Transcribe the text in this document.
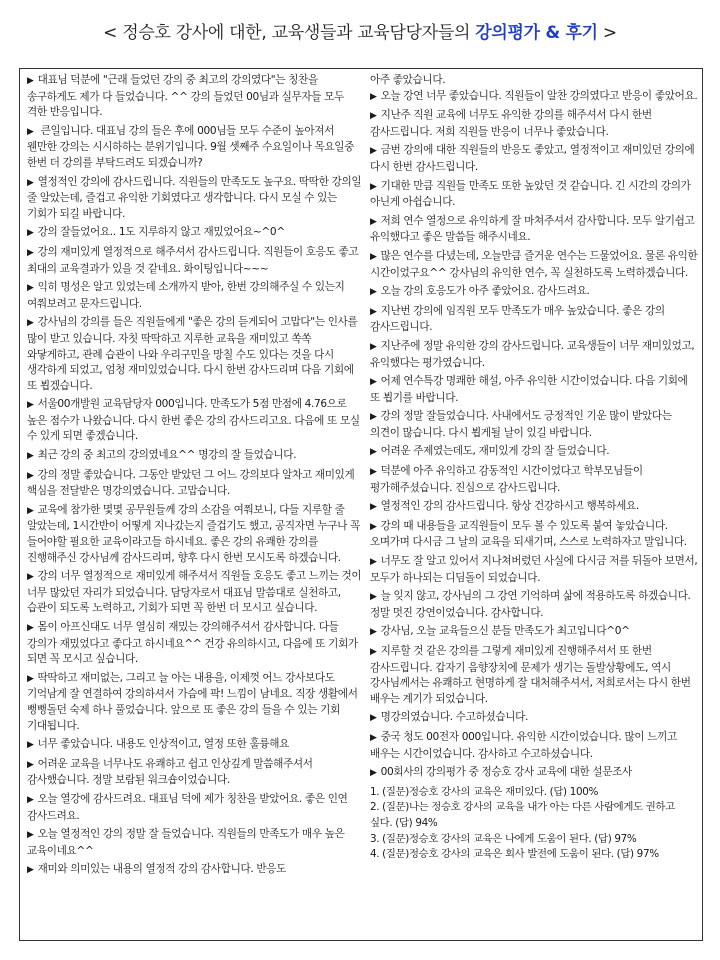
< 정승호 강사에 대한, 교육생들과 교육담당자들의 강의평가 & 후기 >

▶ 대표님 덕분에 "근래 들었던 강의 중 최고의 강의였다"는 칭찬을 송구하게도 제가 다 들었습니다. ^^ 강의 들었던 00님과 실무자들 모두 격한 반응입니다.

▶ 큰일입니다. 대표님 강의 들은 후에 000님들 모두 수준이 높아져서 웬만한 강의는 시시하하는 분위기입니다. 9월 셋째주 수요일이나 목요일중 한번 더 강의를 부탁드려도 되겠습니까?

▶ 열정적인 강의에 감사드립니다. 직원들의 만족도도 높구요. 딱딱한 강의일 줄 알았는데, 즐겁고 유익한 기회였다고 생각합니다. 다시 모실 수 있는 기회가 되길 바랍니다.

▶ 강의 잘들었어요.. 1도 지루하지 않고 재밌었어요~^0^

▶ 강의 재미있게 열정적으로 해주셔서 감사드립니다. 직원들이 호응도 좋고 최대의 교육결과가 있을 것 같네요. 화이팅입니다~~~

▶ 익히 명성은 알고 있었는데 소개까지 받아, 한번 강의해주실 수 있는지 여쭤보려고 문자드립니다.

▶ 강사님의 강의를 들은 직원들에게 "좋은 강의 듣게되어 고맙다"는 인사를 많이 받고 있습니다. 자칫 딱딱하고 지루한 교육을 재미있고 쏙쏙 와닿게하고, 관례 습관이 나와 우리구민을 망칠 수도 있다는 것을 다시 생각하게 되었고, 엄청 재미있었습니다. 다시 한번 감사드리며 다음 기회에 또 뵙겠습니다.

▶ 서울00개발원 교육담당자 000입니다. 만족도가 5점 만점에 4.76으로 높은 점수가 나왔습니다. 다시 한번 좋은 강의 감사드리고요. 다음에 또 모실 수 있게 되면 좋겠습니다.

▶ 최근 강의 중 최고의 강의였네요^^ 명강의 잘 들었습니다.

▶ 강의 정말 좋았습니다. 그동안 받았던 그 어느 강의보다 알차고 재미있게 핵심을 전달받은 명강의였습니다. 고맙습니다.

▶ 교육에 참가한 몇몇 공무원들께 강의 소감을 여쭤보니, 다들 지루할 줄 알았는데, 1시간반이 어떻게 지나갔는지 즐겁기도 했고, 공직자면 누구나 꼭 들어야할 필요한 교육이라고들 하시네요. 좋은 강의 유쾌한 강의를 진행해주신 강사님께 감사드리며, 향후 다시 한번 모시도록 하겠습니다.

▶ 강의 너무 열정적으로 재미있게 해주셔서 직원들 호응도 좋고 느끼는 것이 너무 많았던 자리가 되었습니다. 담당자로서 대표님 말씀대로 실천하고, 습관이 되도록 노력하고, 기회가 되면 꼭 한번 더 모시고 싶습니다.

▶ 몸이 아프신대도 너무 열심히 재밌는 강의해주셔서 감사합니다. 다들 강의가 재밌었다고 좋다고 하시네요^^ 건강 유의하시고, 다음에 또 기회가 되면 꼭 모시고 싶습니다.

▶ 딱딱하고 재미없는, 그리고 늘 아는 내용을, 이제껏 어느 강사보다도 기억남게 잘 연결하여 강의하셔서 가슴에 팍! 느낌이 남네요. 직장 생활에서 뻥뻥돌던 숙제 하나 풀었습니다. 앞으로 또 좋은 강의 들을 수 있는 기회 기대됩니다.

▶ 너무 좋았습니다. 내용도 인상적이고, 열정 또한 훌륭해요

▶ 어려운 교육을 너무나도 유쾌하고 쉽고 인상깊게 말씀해주셔서 감사했습니다. 정말 보람된 워크숍이었습니다.

▶ 오늘 열강에 감사드려요. 대표님 덕에 제가 칭찬을 받았어요. 좋은 인연 감사드려요.

▶ 오늘 열정적인 강의 정말 잘 들었습니다. 직원들의 만족도가 매우 높은 교육이네요^^

▶ 재미와 의미있는 내용의 열정적 강의 감사합니다. 반응도

아주 좋았습니다.

▶ 오늘 강연 너무 좋았습니다. 직원들이 알찬 강의였다고 반응이 좋았어요.

▶ 지난주 직원 교육에 너무도 유익한 강의를 해주셔서 다시 한번 감사드립니다. 저희 직원들 반응이 너무나 좋았습니다.

▶ 금번 강의에 대한 직원들의 반응도 좋았고, 열정적이고 재미있던 강의에 다시 한번 감사드립니다.

▶ 기대한 만큼 직원들 만족도 또한 높았던 것 같습니다. 긴 시간의 강의가 아닌게 아쉽습니다.

▶ 저희 연수 열정으로 유익하게 잘 마쳐주셔서 감사합니다. 모두 알기쉽고 유익했다고 좋은 말씀들 해주시네요.

▶ 많은 연수를 다녔는데, 오늘만큼 즐거운 연수는 드물었어요. 물론 유익한 시간이었구요^^ 강사님의 유익한 연수, 꼭 실천하도록 노력하겠습니다.

▶ 오늘 강의 호응도가 아주 좋았어요. 감사드려요.

▶ 지난번 강의에 임직원 모두 만족도가 매우 높았습니다. 좋은 강의 감사드립니다.

▶ 지난주에 정말 유익한 강의 감사드립니다. 교육생들이 너무 재미있었고, 유익했다는 평가였습니다.

▶ 어제 연수특강 명쾌한 해설, 아주 유익한 시간이었습니다. 다음 기회에 또 뵙기를 바랍니다.

▶ 강의 정말 잘들었습니다. 사내에서도 긍정적인 기운 많이 받았다는 의견이 많습니다. 다시 뵙게될 날이 있길 바랍니다.

▶ 어려운 주제였는데도, 재미있게 강의 잘 들었습니다.

▶ 덕분에 아주 유익하고 감동적인 시간이었다고 학부모님들이 평가해주셨습니다. 진심으로 감사드립니다.

▶ 열정적인 강의 감사드립니다. 항상 건강하시고 행복하세요.

▶ 강의 때 내용들을 교직원들이 모두 볼 수 있도록 붙여 놓았습니다. 오며가며 다시금 그 날의 교육을 되새기며, 스스로 노력하자고 말입니다.

▶ 너무도 잘 알고 있어서 지나쳐버렸던 사실에 다시금 저를 뒤돌아 보면서, 모두가 하나되는 디딤돌이 되었습니다.

▶ 늘 잊지 않고, 강사님의 그 강연 기억하며 삶에 적용하도록 하겠습니다. 정말 멋진 강연이었습니다. 감사합니다.

▶ 강사님, 오늘 교육들으신 분들 만족도가 최고입니다^0^

▶ 지루할 것 같은 강의를 그렇게 재미있게 진행해주셔서 또 한번 감사드립니다. 갑자기 음향장치에 문제가 생기는 돌발상황에도, 역시 강사님께서는 유쾌하고 현명하게 잘 대처해주셔서, 저희로서는 다시 한번 배우는 계기가 되었습니다.

▶ 명강의였습니다. 수고하셨습니다.

▶ 중국 청도 00전자 000입니다. 유익한 시간이었습니다. 많이 느끼고 배우는 시간이었습니다. 감사하고 수고하셨습니다.

▶ 00회사의 강의평가 중 정승호 강사 교육에 대한 설문조사

1. (질문)정승호 강사의 교육은 재미있다. (답) 100%

2. (질문)나는 정승호 강사의 교육을 내가 아는 다른 사람에게도 권하고 싶다. (답) 94%

3. (질문)정승호 강사의 교육은 나에게 도움이 된다. (답) 97%

4. (질문)정승호 강사의 교육은 회사 발전에 도움이 된다. (답) 97%
